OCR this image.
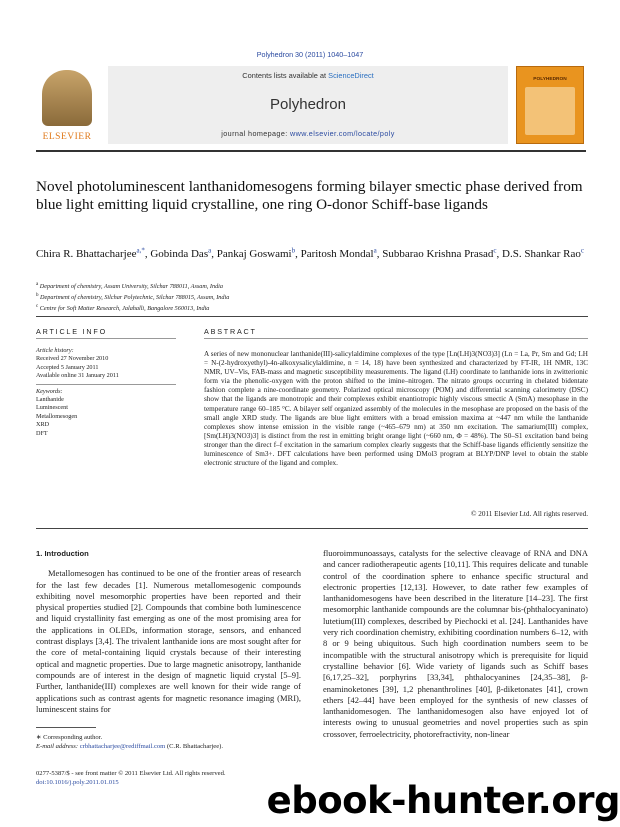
Polyhedron 30 (2011) 1040–1047
ELSEVIER
Contents lists available at ScienceDirect
Polyhedron
journal homepage: www.elsevier.com/locate/poly
POLYHEDRON
Novel photoluminescent lanthanidomesogens forming bilayer smectic phase derived from blue light emitting liquid crystalline, one ring O-donor Schiff-base ligands
Chira R. Bhattacharjee$^{a,*}$, Gobinda Das$^a$, Pankaj Goswami$^b$, Paritosh Mondal$^a$, Subbarao Krishna Prasad$^c$, D.S. Shankar Rao$^c$
$^a$ Department of chemistry, Assam University, Silchar 788011, Assam, India
$^b$ Department of chemistry, Silchar Polytechnic, Silchar 788015, Assam, India
$^c$ Centre for Soft Matter Research, Jalahalli, Bangalore 560013, India
ARTICLE INFO	ABSTRACT
Article history:
Received 27 November 2010
Accepted 5 January 2011
Available online 31 January 2011
Keywords:
Lanthanide
Luminescent
Metallomesogen
XRD
DFT
A series of new mononuclear lanthanide(III)-salicylaldimine complexes of the type [Ln(LH)3(NO3)3] (Ln = La, Pr, Sm and Gd; LH = N-(2-hydroxyethyl)-4n-alkoxysalicylaldimine, n = 14, 18) have been synthesized and characterized by FT-IR, 1H NMR, 13C NMR, UV–Vis, FAB-mass and magnetic susceptibility measurements. The ligand (LH) coordinate to lanthanide ions in zwitterionic form via the phenolic-oxygen with the proton shifted to the imine–nitrogen. The nitrato groups occurring in chelated bidentate fashion complete a nine-coordinate geometry. Polarized optical microscopy (POM) and differential scanning calorimetry (DSC) show that the ligands are monotropic and their complexes exhibit enantiotropic highly viscous smectic A (SmA) mesophase in the temperature range 60–185 °C. A bilayer self organized assembly of the molecules in the mesophase are proposed on the basis of the small angle XRD study. The ligands are blue light emitters with a broad emission maxima at ~447 nm while the lanthanide complexes show intense emission in the visible range (~465–679 nm) at 350 nm excitation. The samarium(III) complex, [Sm(LH)3(NO3)3] is distinct from the rest in emitting bright orange light (~660 nm, Φ = 48%). The S0–S1 excitation band being stronger than the direct f–f excitation in the samarium complex clearly suggests that the Schiff-base ligands efficiently sensitize the luminescence of Sm3+. DFT calculations have been performed using DMol3 program at BLYP/DNP level to obtain the stable electronic structure of the ligand and complex.
© 2011 Elsevier Ltd. All rights reserved.
1. Introduction

Metallomesogen has continued to be one of the frontier areas of research for the last few decades [1]. Numerous metallomesogenic compounds exhibiting novel mesomorphic properties have been reported and their physical properties studied [2]. Compounds that combine both luminescence and liquid crystallinity fast emerging as one of the most promising area for the applications in OLEDs, information storage, sensors, and enhanced contrast displays [3,4]. The trivalent lanthanide ions are most sought after for the core of metal-containing liquid crystals because of their interesting optical and magnetic properties. Due to large magnetic anisotropy, lanthanide compounds are of interest in the design of magnetic liquid crystal [5–9]. Further, lanthanide(III) complexes are well known for their wide range of applications such as contrast agents for magnetic resonance imaging (MRI), luminescent stains for

fluoroimmunoassays, catalysts for the selective cleavage of RNA and DNA and cancer radiotherapeutic agents [10,11]. This requires delicate and tunable control of the coordination sphere to enhance specific structural and electronic properties [12,13]. However, to date rather few examples of lanthanidomesogens have been described in the literature [14–23]. The first mesomorphic lanthanide compounds are the columnar bis-(phthalocyaninato) lutetium(III) complexes, described by Piechocki et al. [24]. Lanthanides have very rich coordination chemistry, exhibiting coordination numbers 6–12, with 8 or 9 being ubiquitous. Such high coordination numbers seem to be incompatible with the structural anisotropy which is prerequisite for liquid crystalline behavior [6]. Wide variety of ligands such as Schiff bases [6,17,25–32], porphyrins [33,34], phthalocyanines [24,35–38], β-enaminoketones [39], 1,2 phenanthrolines [40], β-diketonates [41], crown ethers [42–44] have been employed for the synthesis of new classes of lanthanidomesogen. The lanthanidomesogen also have enjoyed lot of interests owing to unusual geometries and novel properties such as spin crossover, ferroelectricity, photorefractivity, non-linear

∗ Corresponding author.
E-mail address: crbhattacharjee@rediffmail.com (C.R. Bhattacharjee).
0277-5387/$ - see front matter © 2011 Elsevier Ltd. All rights reserved.
doi:10.1016/j.poly.2011.01.015	ebook-hunter.org
